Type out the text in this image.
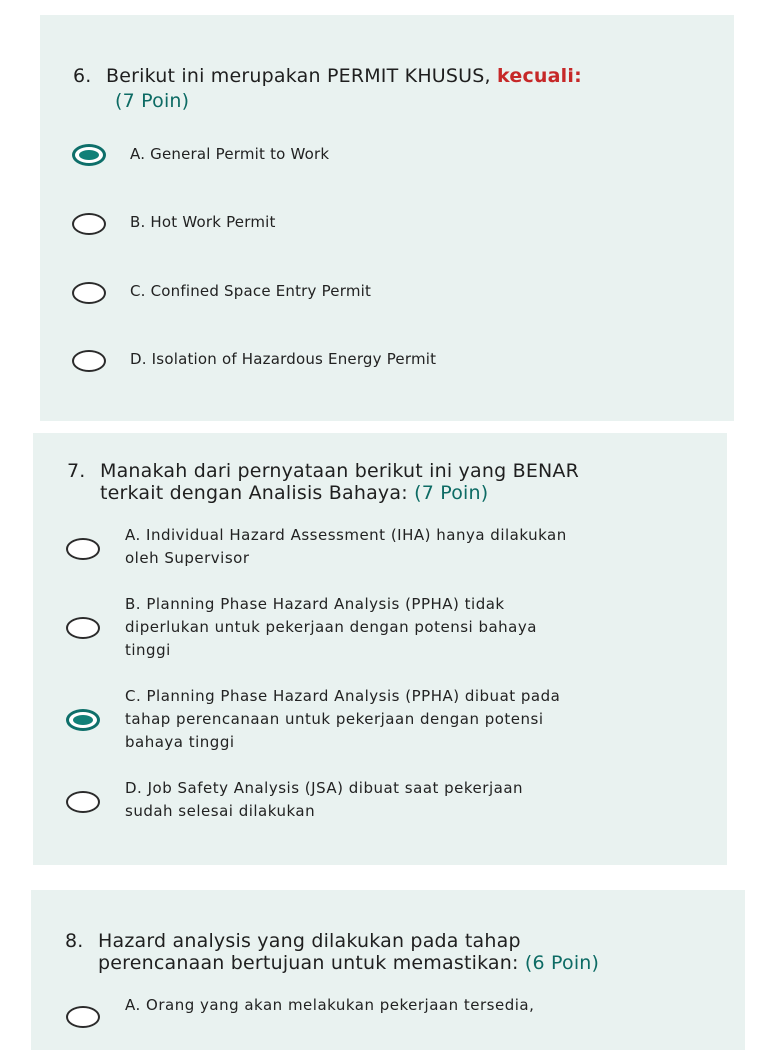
6. Berikut ini merupakan PERMIT KHUSUS, kecuali:
(7 Poin)
A. General Permit to Work
B. Hot Work Permit
C. Confined Space Entry Permit
D. Isolation of Hazardous Energy Permit
7. Manakah dari pernyataan berikut ini yang BENAR
terkait dengan Analisis Bahaya: (7 Poin)
A. Individual Hazard Assessment (IHA) hanya dilakukan
oleh Supervisor
B. Planning Phase Hazard Analysis (PPHA) tidak
diperlukan untuk pekerjaan dengan potensi bahaya
tinggi
C. Planning Phase Hazard Analysis (PPHA) dibuat pada
tahap perencanaan untuk pekerjaan dengan potensi
bahaya tinggi
D. Job Safety Analysis (JSA) dibuat saat pekerjaan
sudah selesai dilakukan
8. Hazard analysis yang dilakukan pada tahap
perencanaan bertujuan untuk memastikan: (6 Poin)
A. Orang yang akan melakukan pekerjaan tersedia,
